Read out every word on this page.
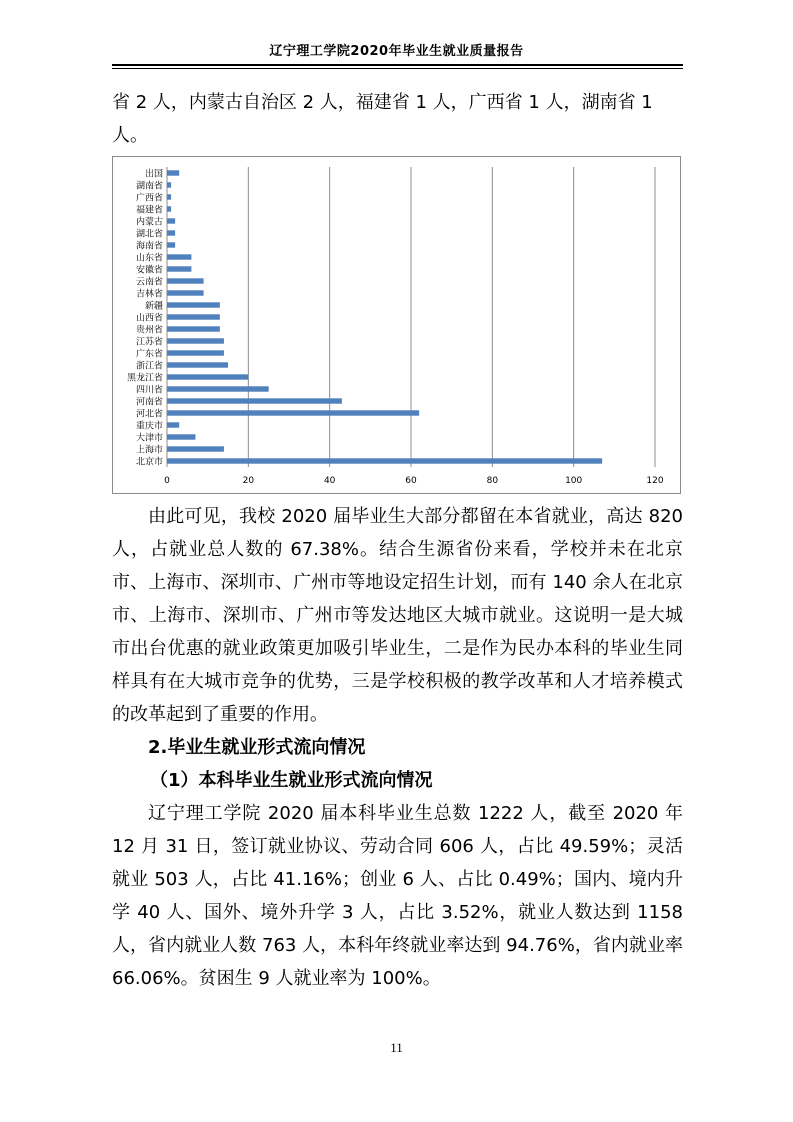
辽宁理工学院2020年毕业生就业质量报告
省 2 人，内蒙古自治区 2 人，福建省 1 人，广西省 1 人，湖南省 1 人。
0	20	40	60	80	100	120
北京市
上海市
大津市
重庆市
河北省
河南省
四川省
黑龙江省
浙江省
广东省
江苏省
贵州省
山西省
新疆
吉林省
云南省
安徽省
山东省
海南省
湖北省
内蒙古
福建省
广西省
湖南省
出国
由此可见，我校 2020 届毕业生大部分都留在本省就业，高达 820 人，占就业总人数的 67.38%。结合生源省份来看，学校并未在北京市、上海市、深圳市、广州市等地设定招生计划，而有 140 余人在北京市、上海市、深圳市、广州市等发达地区大城市就业。这说明一是大城市出台优惠的就业政策更加吸引毕业生，二是作为民办本科的毕业生同样具有在大城市竞争的优势，三是学校积极的教学改革和人才培养模式的改革起到了重要的作用。
2.毕业生就业形式流向情况
（1）本科毕业生就业形式流向情况
辽宁理工学院 2020 届本科毕业生总数 1222 人，截至 2020 年 12 月 31 日，签订就业协议、劳动合同 606 人，占比 49.59%；灵活就业 503 人，占比 41.16%；创业 6 人、占比 0.49%；国内、境内升学 40 人、国外、境外升学 3 人，占比 3.52%，就业人数达到 1158 人，省内就业人数 763 人，本科年终就业率达到 94.76%，省内就业率 66.06%。贫困生 9 人就业率为 100%。
11
